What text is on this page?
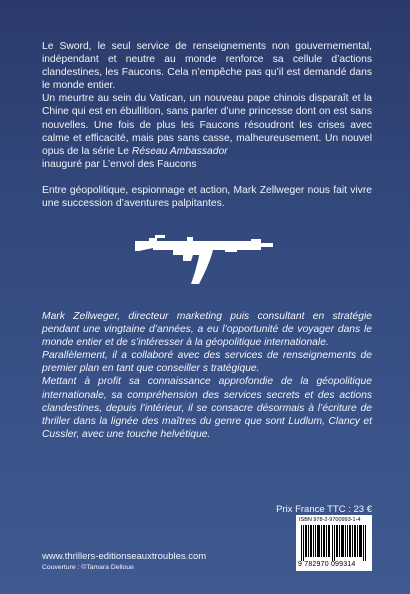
Le Sword, le seul service de renseignements non gouvernemental, indépendant et neutre au monde renforce sa cellule d’actions clandestines, les Faucons. Cela n’empêche pas qu’il est demandé dans le monde entier.

Un meurtre au sein du Vatican, un nouveau pape chinois disparaît et la Chine qui est en ébullition, sans parler d’une princesse dont on est sans nouvelles. Une fois de plus les Faucons résoudront les crises avec calme et efficacité, mais pas sans casse, malheureusement. Un nouvel opus de la série Le Réseau Ambassador
inauguré par L’envol des Faucons

Entre géopolitique, espionnage et action, Mark Zellweger nous fait vivre une succession d’aventures palpitantes.

Mark Zellweger, directeur marketing puis consultant en stratégie pendant une vingtaine d’années, a eu l’opportunité de voyager dans le monde entier et de s’intéresser à la géopolitique internationale.

Parallèlement, il a collaboré avec des services de renseignements de premier plan en tant que conseiller s tratégique.

Mettant à profit sa connaissance approfondie de la géopolitique internationale, sa compréhension des services secrets et des actions clandestines, depuis l’intérieur, il se consacre désormais à l’écriture de thriller dans la lignée des maîtres du genre que sont Ludlum, Clancy et Cussler, avec une touche helvétique.

Prix France TTC : 23 €
ISBN 978-2-9700993-1-4
9 782970 099314
www.thrillers-editionseauxtroubles.com
Couverture : ©Tamara Delloue
